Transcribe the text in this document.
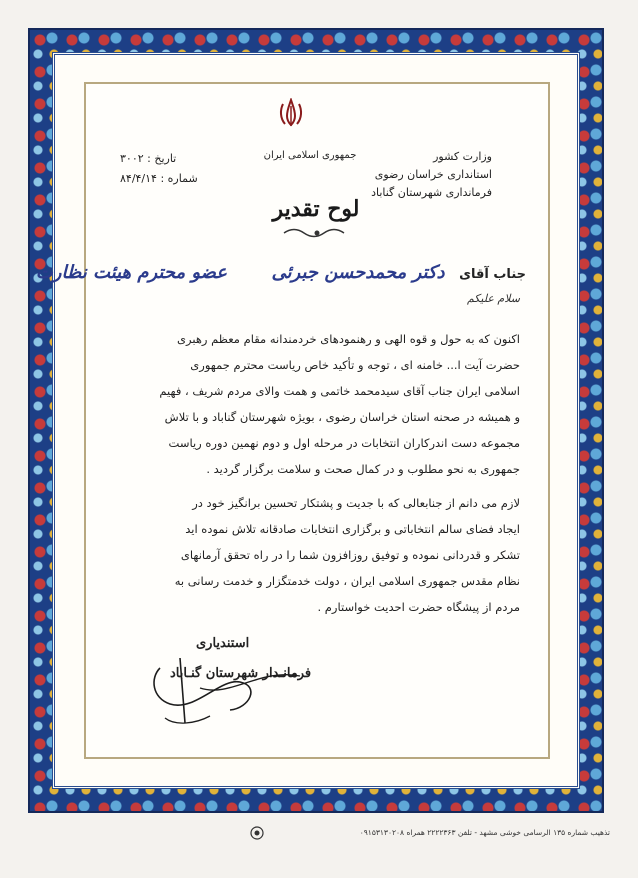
وزارت کشور
استانداری خراسان رضوی
فرمانداری شهرستان گناباد
جمهوری اسلامی ایران
تاریخ : ۳۰۰۲
شماره : ۸۴/۴/۱۴
لوح تقدیر
جناب آقای دکتر محمدحسن جبرئی عضو محترم هیئت نظارت
سلام علیکم
اکنون که به حول و قوه الهی و رهنمودهای خردمندانه مقام معظم رهبری
حضرت آیت ا... خامنه ای ، توجه و تأکید خاص ریاست محترم جمهوری
اسلامی ایران جناب آقای سیدمحمد خاتمی و همت والای مردم شریف ، فهیم
و همیشه در صحنه استان خراسان رضوی ، بویژه شهرستان گناباد و با تلاش
مجموعه دست اندرکاران انتخابات در مرحله اول و دوم نهمین دوره ریاست
جمهوری به نحو مطلوب و در کمال صحت و سلامت برگزار گردید .
لازم می دانم از جنابعالی که با جدیت و پشتکار تحسین برانگیز خود در
ایجاد فضای سالم انتخاباتی و برگزاری انتخابات صادقانه تلاش نموده اید
تشکر و قدردانی نموده و توفیق روزافزون شما را در راه تحقق آرمانهای
نظام مقدس جمهوری اسلامی ایران ، دولت خدمتگزار و خدمت رسانی به
مردم از پیشگاه حضرت احدیت خواستارم .
استندیاری
فرمانـدار شهرستان گنـاباد
تذهیب شماره ۱۳۵ الرسامی خوشی مشهد - تلفن ۲۲۲۲۳۶۳ همراه ۰۹۱۵۳۱۳۰۲۰۸
